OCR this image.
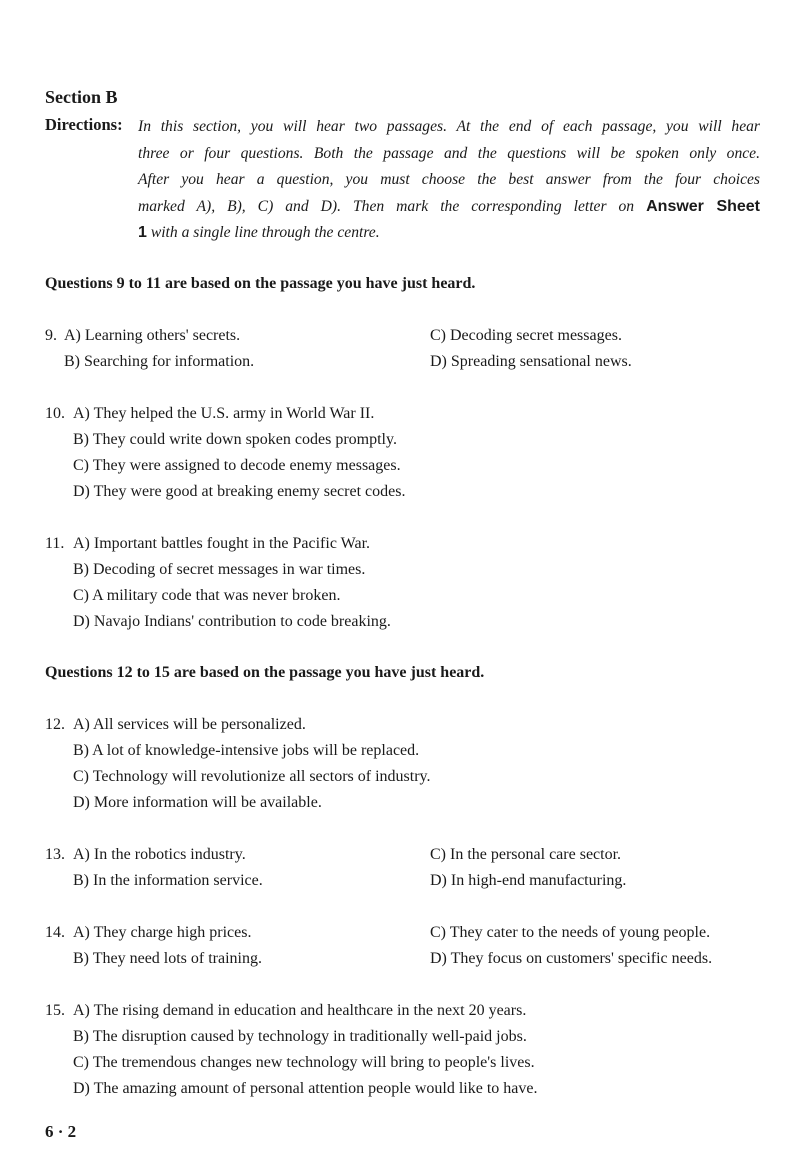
Section B
Directions: In this section, you will hear two passages. At the end of each passage, you will hear
three or four questions. Both the passage and the questions will be spoken only once.
After you hear a question, you must choose the best answer from the four choices
marked A), B), C) and D). Then mark the corresponding letter on Answer Sheet
1 with a single line through the centre.
Questions 9 to 11 are based on the passage you have just heard.
9. A) Learning others' secrets.
B) Searching for information.
C) Decoding secret messages.
D) Spreading sensational news.
10. A) They helped the U.S. army in World War II.
B) They could write down spoken codes promptly.
C) They were assigned to decode enemy messages.
D) They were good at breaking enemy secret codes.
11. A) Important battles fought in the Pacific War.
B) Decoding of secret messages in war times.
C) A military code that was never broken.
D) Navajo Indians' contribution to code breaking.
Questions 12 to 15 are based on the passage you have just heard.
12. A) All services will be personalized.
B) A lot of knowledge-intensive jobs will be replaced.
C) Technology will revolutionize all sectors of industry.
D) More information will be available.
13. A) In the robotics industry.
B) In the information service.
C) In the personal care sector.
D) In high-end manufacturing.
14. A) They charge high prices.
B) They need lots of training.
C) They cater to the needs of young people.
D) They focus on customers' specific needs.
15. A) The rising demand in education and healthcare in the next 20 years.
B) The disruption caused by technology in traditionally well-paid jobs.
C) The tremendous changes new technology will bring to people's lives.
D) The amazing amount of personal attention people would like to have.
6 · 2
